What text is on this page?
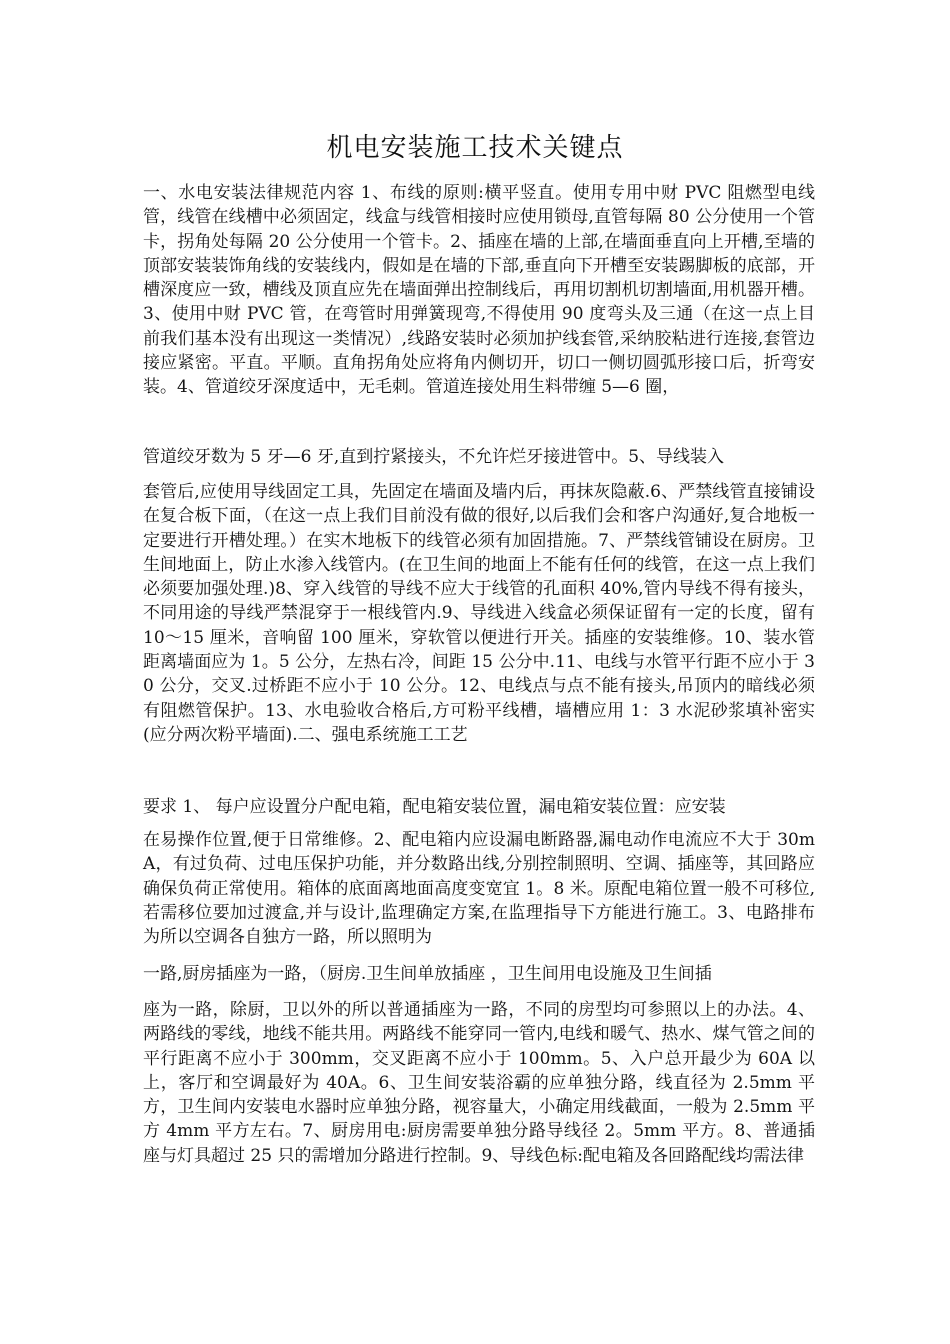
机电安装施工技术关键点
一、水电安装法律规范内容 1、布线的原则:横平竖直。使用专用中财 PVC 阻燃型电线管，线管在线槽中必须固定，线盒与线管相接时应使用锁母,直管每隔 80 公分使用一个管卡，拐角处每隔 20 公分使用一个管卡。2、插座在墙的上部,在墙面垂直向上开槽,至墙的顶部安装装饰角线的安装线内，假如是在墙的下部,垂直向下开槽至安装踢脚板的底部，开槽深度应一致，槽线及顶直应先在墙面弹出控制线后，再用切割机切割墙面,用机器开槽。3、使用中财 PVC 管，在弯管时用弹簧现弯,不得使用 90 度弯头及三通（在这一点上目前我们基本没有出现这一类情况）,线路安装时必须加护线套管,采纳胶粘进行连接,套管边接应紧密。平直。平顺。直角拐角处应将角内侧切开，切口一侧切圆弧形接口后，折弯安装。4、管道绞牙深度适中，无毛刺。管道连接处用生料带缠 5—6 圈，
管道绞牙数为 5 牙—6 牙,直到拧紧接头，不允许烂牙接进管中。5、导线装入
套管后,应使用导线固定工具，先固定在墙面及墙内后，再抹灰隐蔽.6、严禁线管直接铺设在复合板下面，（在这一点上我们目前没有做的很好,以后我们会和客户沟通好,复合地板一定要进行开槽处理。）在实木地板下的线管必须有加固措施。7、严禁线管铺设在厨房。卫生间地面上，防止水渗入线管内。(在卫生间的地面上不能有任何的线管，在这一点上我们必须要加强处理.)8、穿入线管的导线不应大于线管的孔面积 40%,管内导线不得有接头，不同用途的导线严禁混穿于一根线管内.9、导线进入线盒必须保证留有一定的长度，留有 10～15 厘米，音响留 100 厘米，穿软管以便进行开关。插座的安装维修。10、装水管距离墙面应为 1。5 公分，左热右冷，间距 15 公分中.11、电线与水管平行距不应小于 30 公分，交叉.过桥距不应小于 10 公分。12、电线点与点不能有接头,吊顶内的暗线必须有阻燃管保护。13、水电验收合格后,方可粉平线槽，墙槽应用 1：3 水泥砂浆填补密实(应分两次粉平墙面).二、强电系统施工工艺
要求 1、 每户应设置分户配电箱，配电箱安装位置，漏电箱安装位置：应安装
在易操作位置,便于日常维修。2、配电箱内应设漏电断路器,漏电动作电流应不大于 30mA，有过负荷、过电压保护功能，并分数路出线,分别控制照明、空调、插座等，其回路应确保负荷正常使用。箱体的底面离地面高度变宽宜 1。8 米。原配电箱位置一般不可移位,若需移位要加过渡盒,并与设计,监理确定方案,在监理指导下方能进行施工。3、电路排布为所以空调各自独方一路，所以照明为
一路,厨房插座为一路，（厨房.卫生间单放插座 ，卫生间用电设施及卫生间插
座为一路，除厨，卫以外的所以普通插座为一路，不同的房型均可参照以上的办法。4、两路线的零线，地线不能共用。两路线不能穿同一管内,电线和暖气、热水、煤气管之间的平行距离不应小于 300mm，交叉距离不应小于 100mm。5、入户总开最少为 60A 以上，客厅和空调最好为 40A。6、卫生间安装浴霸的应单独分路，线直径为 2.5mm 平方，卫生间内安装电水器时应单独分路，视容量大，小确定用线截面，一般为 2.5mm 平方 4mm 平方左右。7、厨房用电:厨房需要单独分路导线径 2。5mm 平方。8、普通插座与灯具超过 25 只的需增加分路进行控制。9、导线色标:配电箱及各回路配线均需法律
